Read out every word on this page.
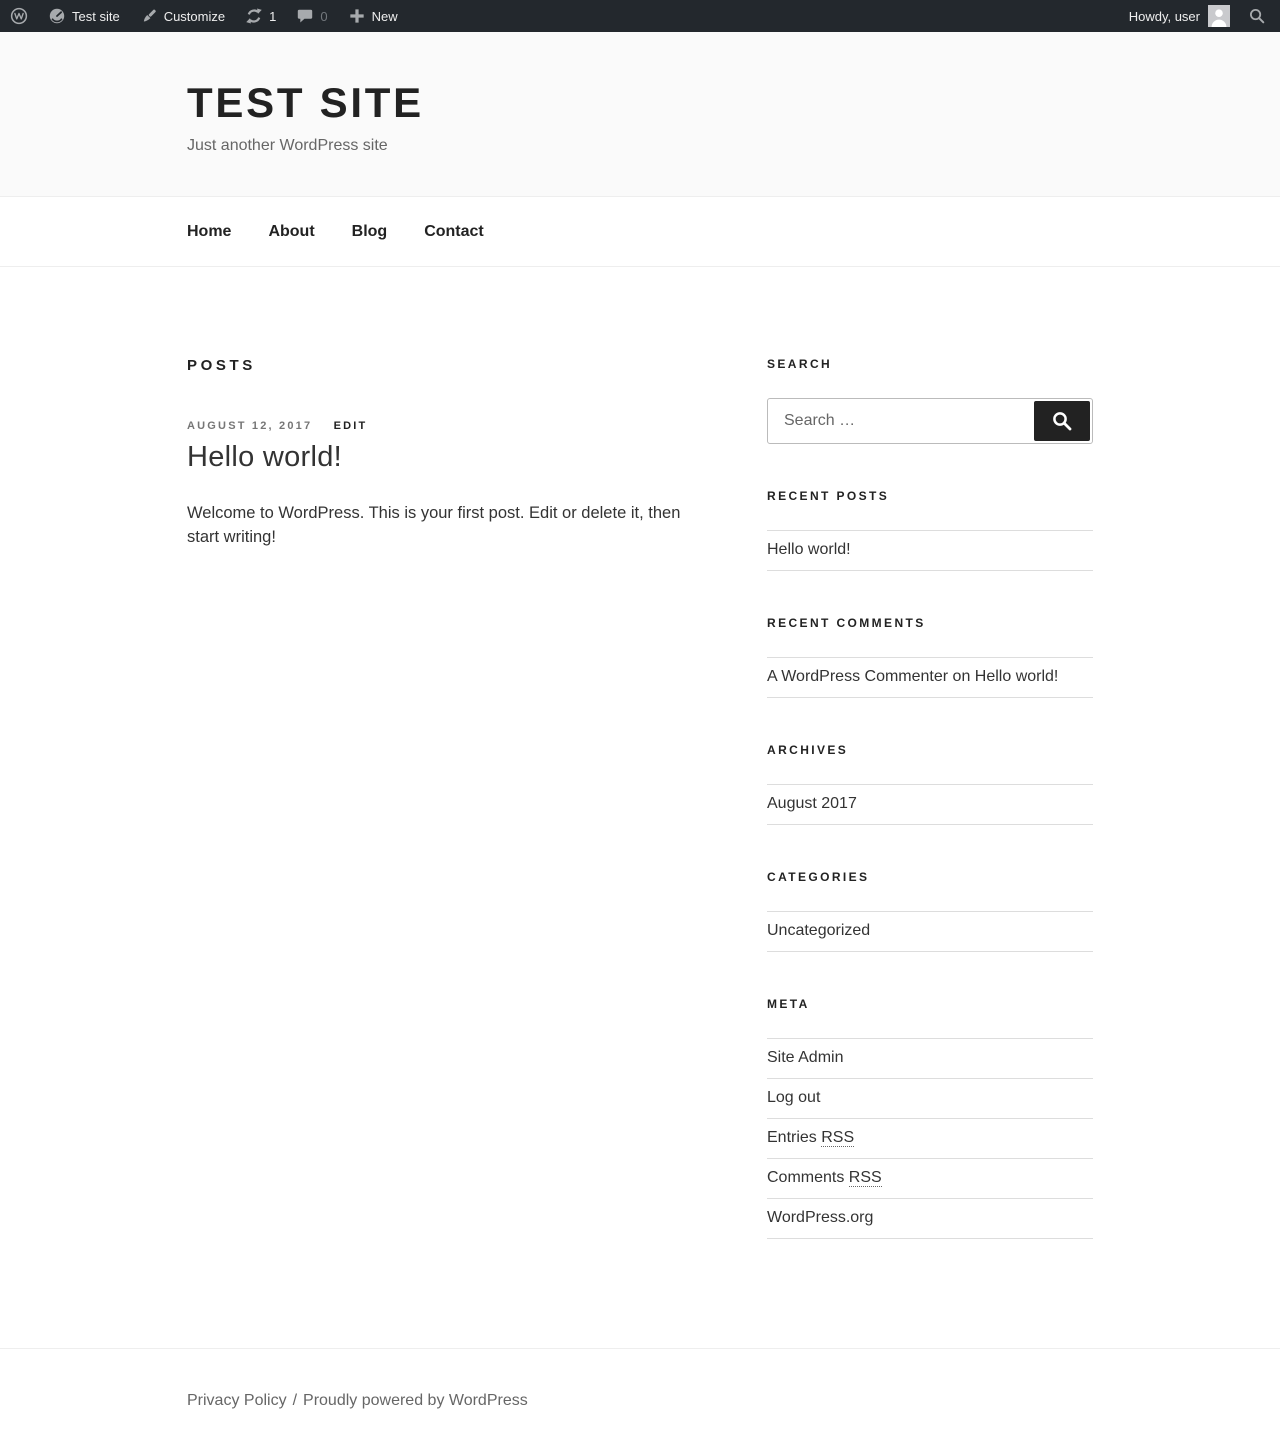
Test site	Customize	1	0	New	Howdy, user
TEST SITE

Just another WordPress site

Home About Blog Contact
POSTS
AUGUST 12, 2017 EDIT
Hello world!

Welcome to WordPress. This is your first post. Edit or delete it, then start writing!

SEARCH
Search …
RECENT POSTS
Hello world!
RECENT COMMENTS
A WordPress Commenter on Hello world!
ARCHIVES
August 2017
CATEGORIES
Uncategorized
META
Site Admin
Log out
Entries RSS
Comments RSS
WordPress.org
Privacy Policy / Proudly powered by WordPress
